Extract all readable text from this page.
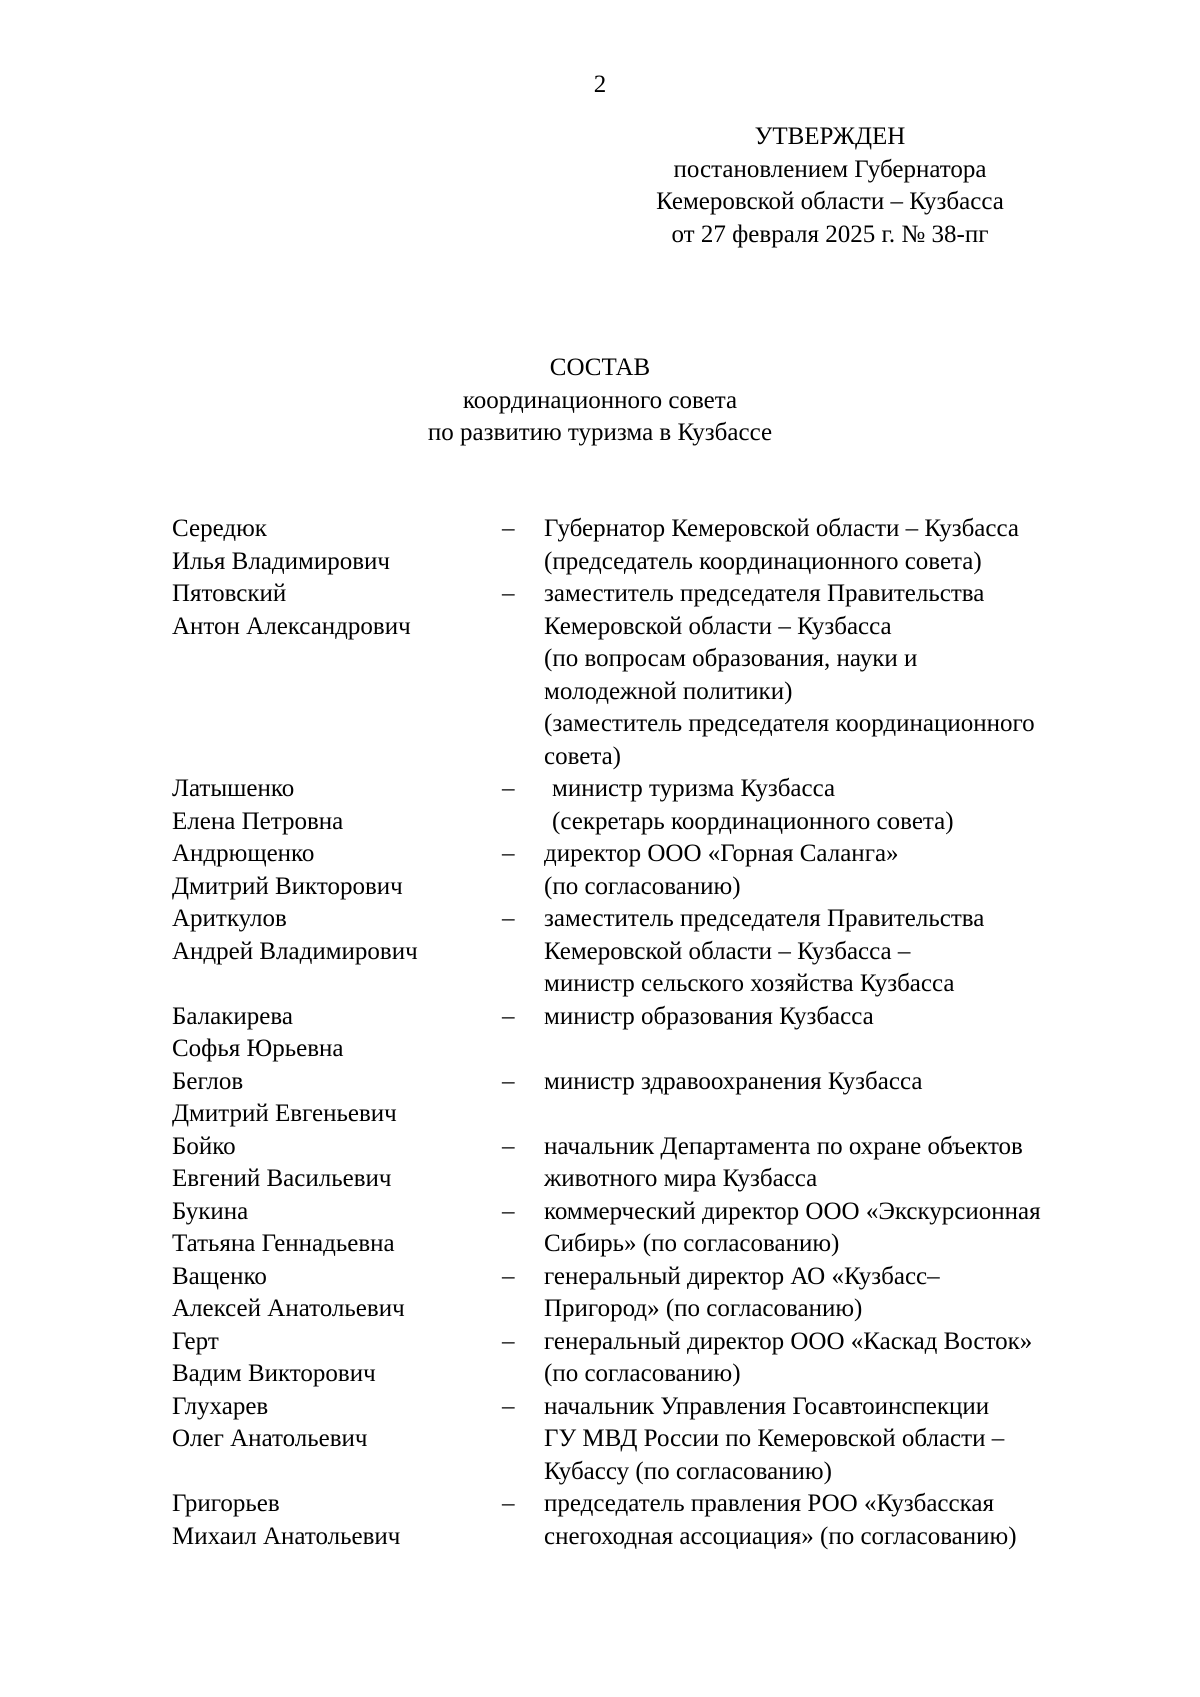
2
УТВЕРЖДЕН
постановлением Губернатора
Кемеровской области – Кузбасса
от 27 февраля 2025 г. № 38-пг
СОСТАВ
координационного совета
по развитию туризма в Кузбассе
Середюк
Илья Владимирович
–	Губернатор Кемеровской области – Кузбасса
(председатель координационного совета)
Пятовский
Антон Александрович
–	заместитель председателя Правительства
Кемеровской области – Кузбасса
(по вопросам образования, науки и
молодежной политики)
(заместитель председателя координационного
совета)
Латышенко
Елена Петровна
–	министр туризма Кузбасса
(секретарь координационного совета)
Андрющенко
Дмитрий Викторович
–	директор ООО «Горная Саланга»
(по согласованию)
Ариткулов
Андрей Владимирович
–	заместитель председателя Правительства
Кемеровской области – Кузбасса –
министр сельского хозяйства Кузбасса
Балакирева
Софья Юрьевна
–	министр образования Кузбасса
Беглов
Дмитрий Евгеньевич
–	министр здравоохранения Кузбасса
Бойко
Евгений Васильевич
–	начальник Департамента по охране объектов
животного мира Кузбасса
Букина
Татьяна Геннадьевна
–	коммерческий директор ООО «Экскурсионная
Сибирь» (по согласованию)
Ващенко
Алексей Анатольевич
–	генеральный директор АО «Кузбасс–
Пригород» (по согласованию)
Герт
Вадим Викторович
–	генеральный директор ООО «Каскад Восток»
(по согласованию)
Глухарев
Олег Анатольевич
–	начальник Управления Госавтоинспекции
ГУ МВД России по Кемеровской области –
Кубассу (по согласованию)
Григорьев
Михаил Анатольевич
–	председатель правления РОО «Кузбасская
снегоходная ассоциация» (по согласованию)
